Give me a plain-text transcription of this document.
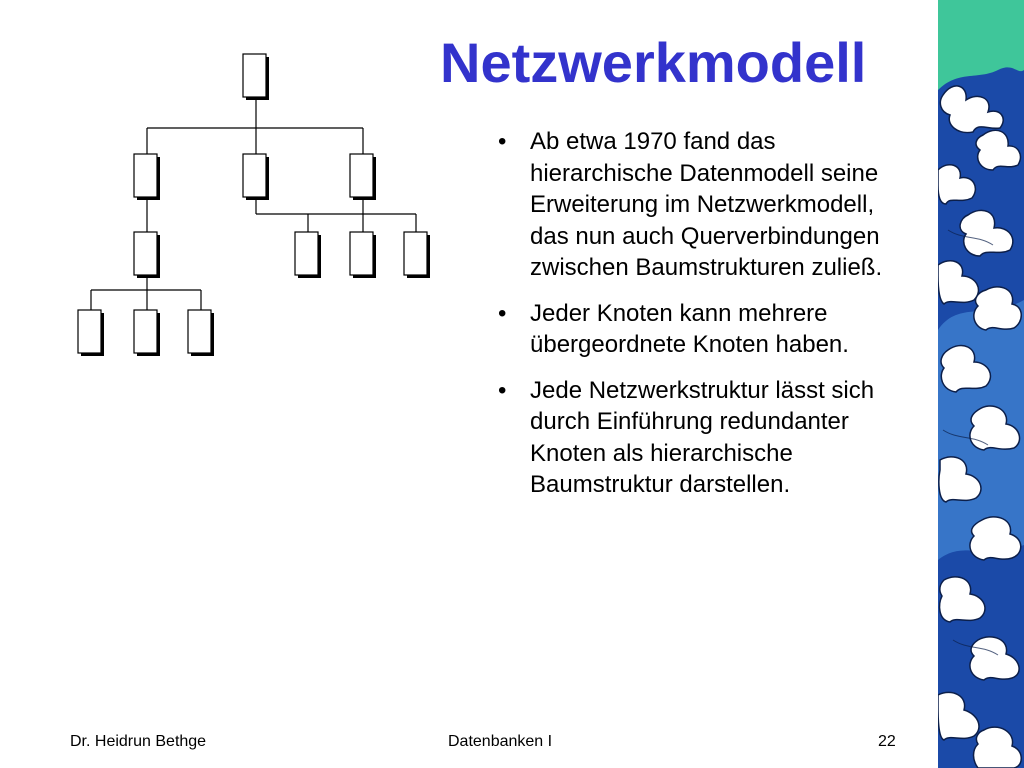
Netzwerkmodell
• Ab etwa 1970 fand das hierarchische Datenmodell seine Erweiterung im Netzwerkmodell, das nun auch Querverbindungen zwischen Baumstrukturen zuließ.
• Jeder Knoten kann mehrere übergeordnete Knoten haben.
• Jede Netzwerkstruktur lässt sich durch Einführung redundanter Knoten als hierarchische Baumstruktur darstellen.
Dr. Heidrun Bethge	Datenbanken I	22
